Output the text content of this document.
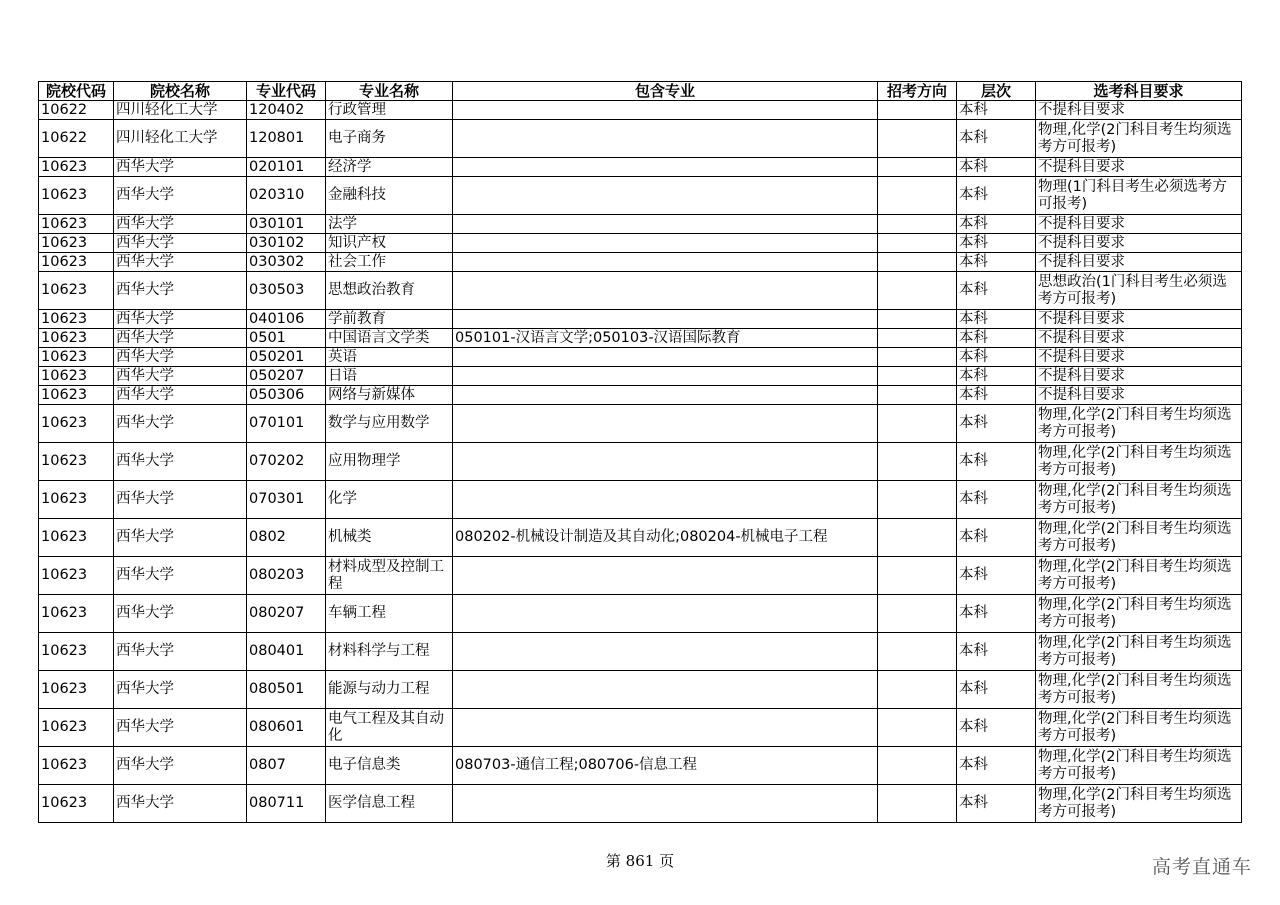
院校代码	院校名称	专业代码	专业名称	包含专业	招考方向	层次	选考科目要求
10622	四川轻化工大学	120402	行政管理			本科	不提科目要求
10622	四川轻化工大学	120801	电子商务			本科	物理,化学(2门科目考生均须选考方可报考)
10623	西华大学	020101	经济学			本科	不提科目要求
10623	西华大学	020310	金融科技			本科	物理(1门科目考生必须选考方可报考)
10623	西华大学	030101	法学			本科	不提科目要求
10623	西华大学	030102	知识产权			本科	不提科目要求
10623	西华大学	030302	社会工作			本科	不提科目要求
10623	西华大学	030503	思想政治教育			本科	思想政治(1门科目考生必须选考方可报考)
10623	西华大学	040106	学前教育			本科	不提科目要求
10623	西华大学	0501	中国语言文学类	050101-汉语言文学;050103-汉语国际教育		本科	不提科目要求
10623	西华大学	050201	英语			本科	不提科目要求
10623	西华大学	050207	日语			本科	不提科目要求
10623	西华大学	050306	网络与新媒体			本科	不提科目要求
10623	西华大学	070101	数学与应用数学			本科	物理,化学(2门科目考生均须选考方可报考)
10623	西华大学	070202	应用物理学			本科	物理,化学(2门科目考生均须选考方可报考)
10623	西华大学	070301	化学			本科	物理,化学(2门科目考生均须选考方可报考)
10623	西华大学	0802	机械类	080202-机械设计制造及其自动化;080204-机械电子工程		本科	物理,化学(2门科目考生均须选考方可报考)
10623	西华大学	080203	材料成型及控制工程			本科	物理,化学(2门科目考生均须选考方可报考)
10623	西华大学	080207	车辆工程			本科	物理,化学(2门科目考生均须选考方可报考)
10623	西华大学	080401	材料科学与工程			本科	物理,化学(2门科目考生均须选考方可报考)
10623	西华大学	080501	能源与动力工程			本科	物理,化学(2门科目考生均须选考方可报考)
10623	西华大学	080601	电气工程及其自动化			本科	物理,化学(2门科目考生均须选考方可报考)
10623	西华大学	0807	电子信息类	080703-通信工程;080706-信息工程		本科	物理,化学(2门科目考生均须选考方可报考)
10623	西华大学	080711	医学信息工程			本科	物理,化学(2门科目考生均须选考方可报考)
第 861 页	高考直通车
